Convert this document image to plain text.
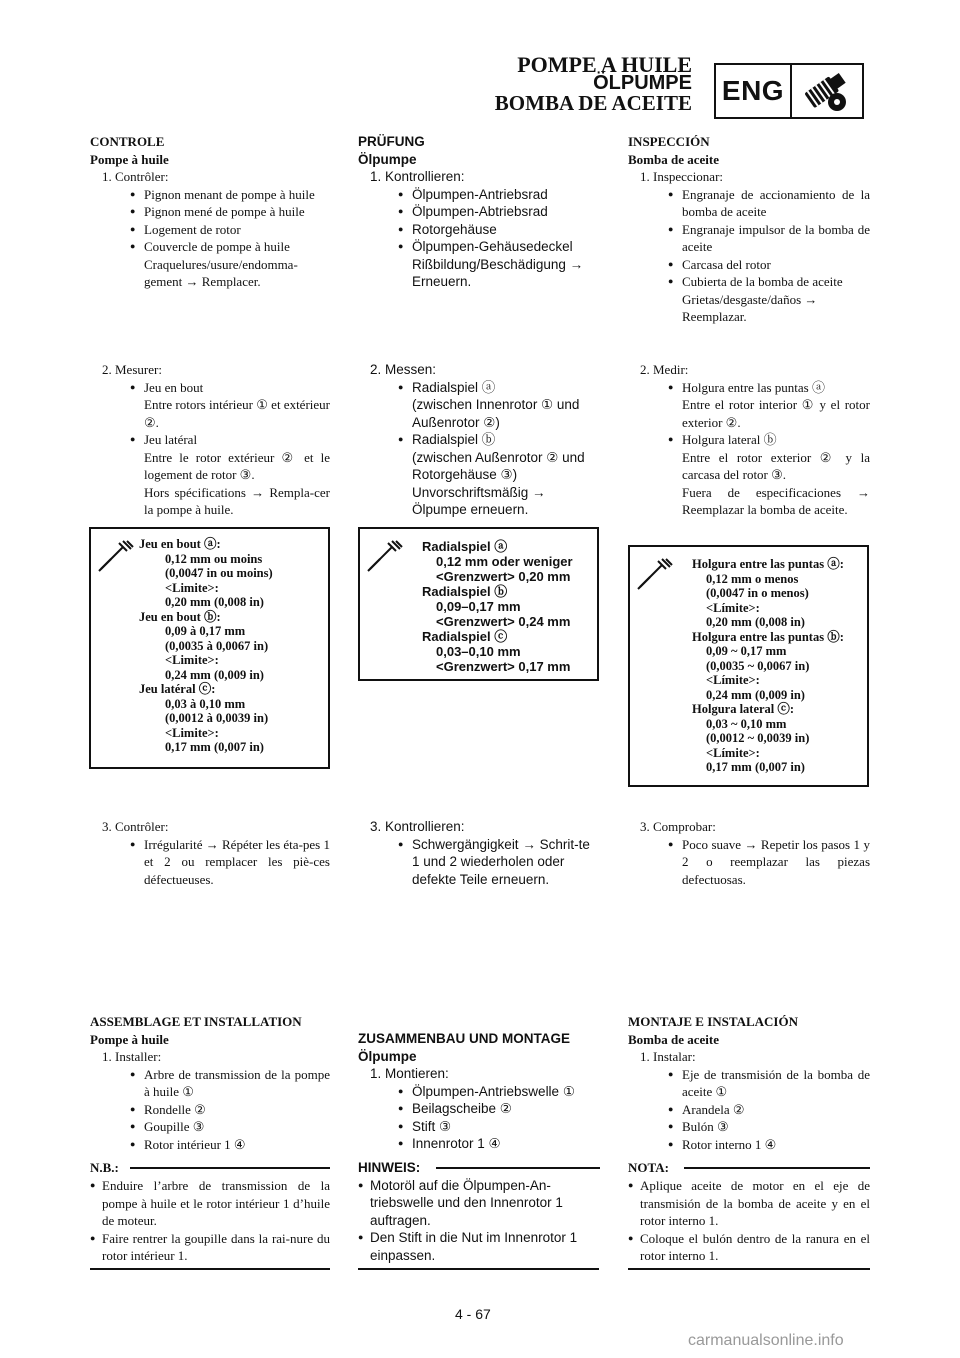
POMPE A HUILE
ÖLPUMPE
BOMBA DE ACEITE ENG
CONTROLE
Pompe à huile
1. Contrôler:
● Pignon menant de pompe à huile
● Pignon mené de pompe à huile
● Logement de rotor
● Couvercle de pompe à huile
Craquelures/usure/endomma-gement → Remplacer.
2. Mesurer:
● Jeu en bout
Entre rotors intérieur ① et extérieur ②.
● Jeu latéral
Entre le rotor extérieur ② et le logement de rotor ③.
Hors spécifications → Rempla-cer la pompe à huile.
Jeu en bout ⓐ:
0,12 mm ou moins
(0,0047 in ou moins)
<Limite>:
0,20 mm (0,008 in)
Jeu en bout ⓑ:
0,09 à 0,17 mm
(0,0035 à 0,0067 in)
<Limite>:
0,24 mm (0,009 in)
Jeu latéral ⓒ:
0,03 à 0,10 mm
(0,0012 à 0,0039 in)
<Limite>:
0,17 mm (0,007 in)
3. Contrôler:
● Irrégularité → Répéter les éta-pes 1 et 2 ou remplacer les piè-ces défectueuses.
ASSEMBLAGE ET INSTALLATION
Pompe à huile
1. Installer:
● Arbre de transmission de la pompe à huile ①
● Rondelle ②
● Goupille ③
● Rotor intérieur 1 ④
N.B.:
● Enduire l’arbre de transmission de la pompe à huile et le rotor intérieur 1 d’huile de moteur.
● Faire rentrer la goupille dans la rai-nure du rotor intérieur 1.
PRÜFUNG
Ölpumpe
1. Kontrollieren:
● Ölpumpen-Antriebsrad
● Ölpumpen-Abtriebsrad
● Rotorgehäuse
● Ölpumpen-Gehäusedeckel
Rißbildung/Beschädigung → Erneuern.
2. Messen:
● Radialspiel ⓐ
(zwischen Innenrotor ① und Außenrotor ②)
● Radialspiel ⓑ
(zwischen Außenrotor ② und Rotorgehäuse ③)
Unvorschriftsmäßig → Ölpumpe erneuern.
Radialspiel ⓐ
0,12 mm oder weniger
<Grenzwert> 0,20 mm
Radialspiel ⓑ
0,09–0,17 mm
<Grenzwert> 0,24 mm
Radialspiel ⓒ
0,03–0,10 mm
<Grenzwert> 0,17 mm
3. Kontrollieren:
● Schwergängigkeit → Schrit-te 1 und 2 wiederholen oder defekte Teile erneuern.
ZUSAMMENBAU UND MONTAGE
Ölpumpe
1. Montieren:
● Ölpumpen-Antriebswelle ①
● Beilagscheibe ②
● Stift ③
● Innenrotor 1 ④
HINWEIS:
● Motoröl auf die Ölpumpen-An-triebswelle und den Innenrotor 1 auftragen.
● Den Stift in die Nut im Innenrotor 1 einpassen.
INSPECCIÓN
Bomba de aceite
1. Inspeccionar:
● Engranaje de accionamiento de la bomba de aceite
● Engranaje impulsor de la bomba de aceite
● Carcasa del rotor
● Cubierta de la bomba de aceite
Grietas/desgaste/daños → Reemplazar.
2. Medir:
● Holgura entre las puntas ⓐ
Entre el rotor interior ① y el rotor exterior ②.
● Holgura lateral ⓑ
Entre el rotor exterior ② y la carcasa del rotor ③.
Fuera de especificaciones → Reemplazar la bomba de aceite.
Holgura entre las puntas ⓐ:
0,12 mm o menos
(0,0047 in o menos)
<Límite>:
0,20 mm (0,008 in)
Holgura entre las puntas ⓑ:
0,09 ~ 0,17 mm
(0,0035 ~ 0,0067 in)
<Límite>:
0,24 mm (0,009 in)
Holgura lateral ⓒ:
0,03 ~ 0,10 mm
(0,0012 ~ 0,0039 in)
<Límite>:
0,17 mm (0,007 in)
3. Comprobar:
● Poco suave → Repetir los pasos 1 y 2 o reemplazar las piezas defectuosas.
MONTAJE E INSTALACIÓN
Bomba de aceite
1. Instalar:
● Eje de transmisión de la bomba de aceite ①
● Arandela ②
● Bulón ③
● Rotor interno 1 ④
NOTA:
● Aplique aceite de motor en el eje de transmisión de la bomba de aceite y en el rotor interno 1.
● Coloque el bulón dentro de la ranura en el rotor interno 1.
4 - 67
carmanualsonline.info
